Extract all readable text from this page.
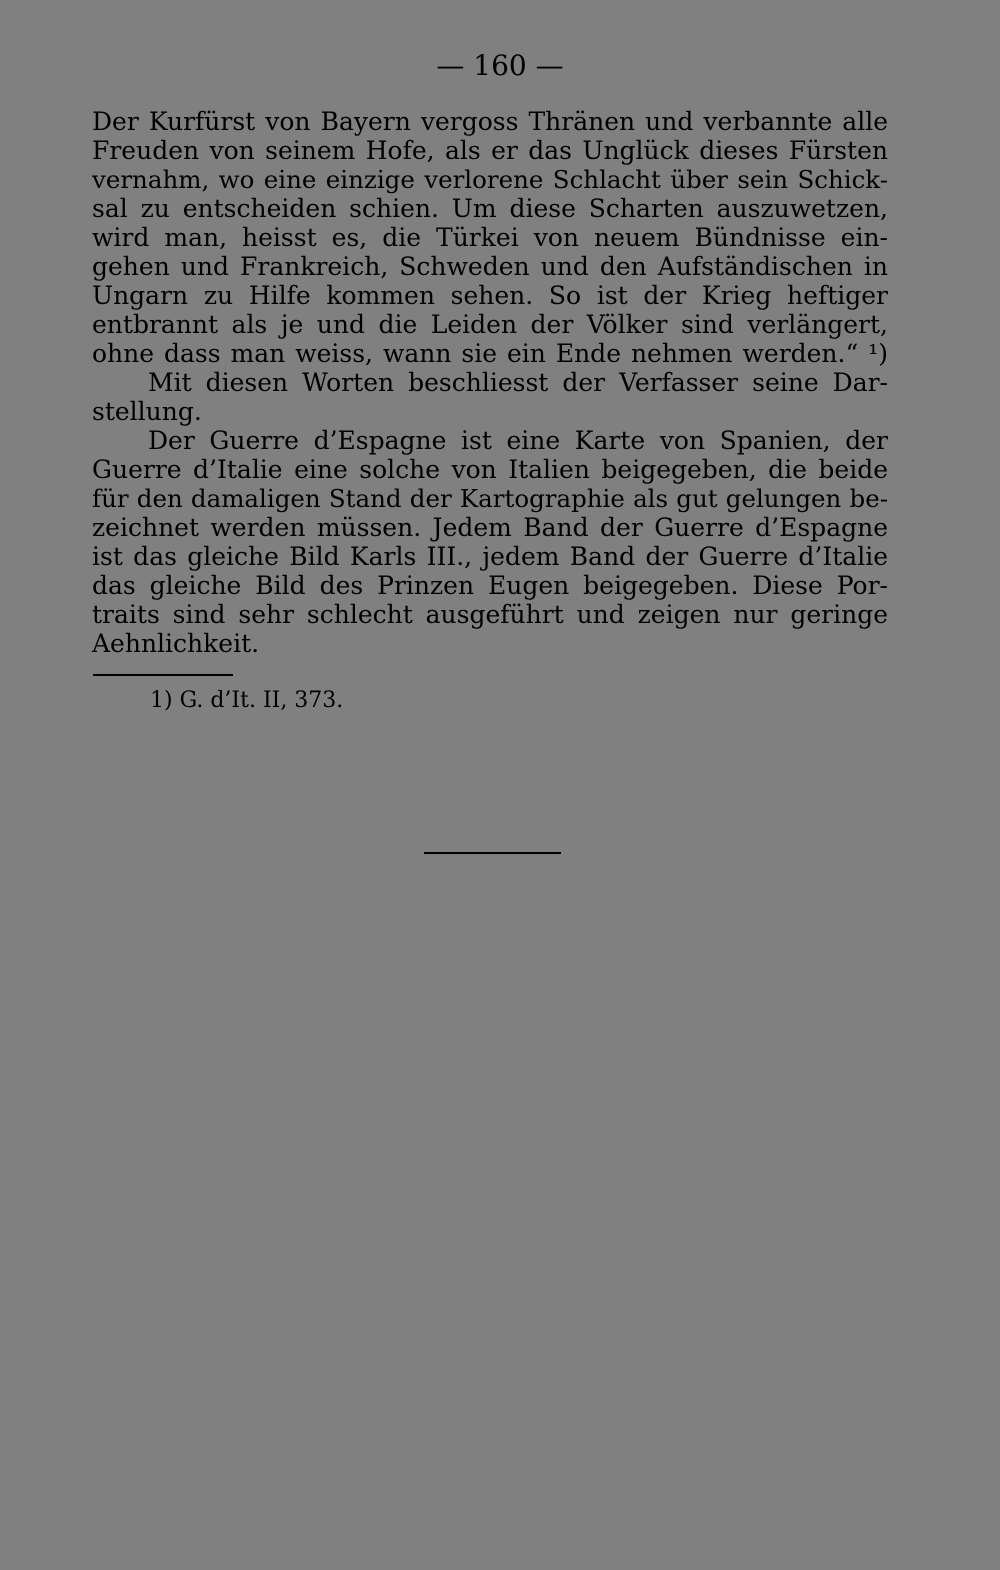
— 160 —
Der Kurfürst von Bayern vergoss Thränen und verbannte alle
Freuden von seinem Hofe, als er das Unglück dieses Fürsten
vernahm, wo eine einzige verlorene Schlacht über sein Schick-
sal zu entscheiden schien. Um diese Scharten auszuwetzen,
wird man, heisst es, die Türkei von neuem Bündnisse ein-
gehen und Frankreich, Schweden und den Aufständischen in
Ungarn zu Hilfe kommen sehen. So ist der Krieg heftiger
entbrannt als je und die Leiden der Völker sind verlängert,
ohne dass man weiss, wann sie ein Ende nehmen werden.“ ¹)
Mit diesen Worten beschliesst der Verfasser seine Dar-
stellung.
Der Guerre d’Espagne ist eine Karte von Spanien, der
Guerre d’Italie eine solche von Italien beigegeben, die beide
für den damaligen Stand der Kartographie als gut gelungen be-
zeichnet werden müssen. Jedem Band der Guerre d’Espagne
ist das gleiche Bild Karls III., jedem Band der Guerre d’Italie
das gleiche Bild des Prinzen Eugen beigegeben. Diese Por-
traits sind sehr schlecht ausgeführt und zeigen nur geringe
Aehnlichkeit.
1) G. d’It. II, 373.
